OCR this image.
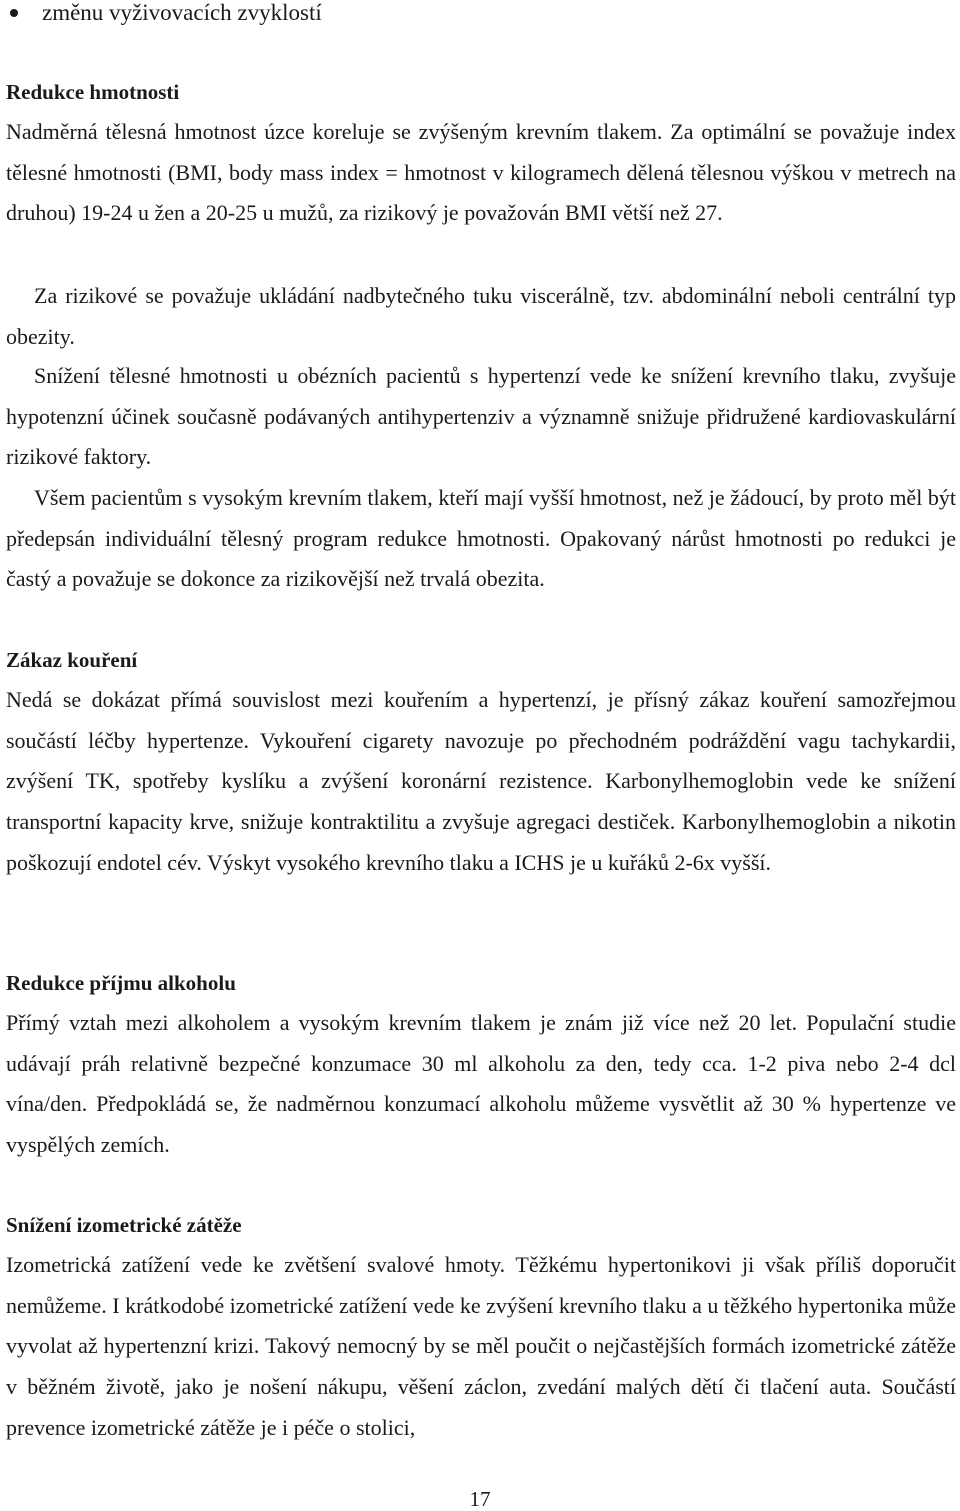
změnu vyživovacích zvyklostí
Redukce hmotnosti

Nadměrná tělesná hmotnost úzce koreluje se zvýšeným krevním tlakem. Za optimální se považuje index tělesné hmotnosti (BMI, body mass index = hmotnost v kilogramech dělená tělesnou výškou v metrech na druhou) 19-24 u žen a 20-25 u mužů, za rizikový je považován BMI větší než 27.

Za rizikové se považuje ukládání nadbytečného tuku viscerálně, tzv. abdominální neboli centrální typ obezity.

Snížení tělesné hmotnosti u obézních pacientů s hypertenzí vede ke snížení krevního tlaku, zvyšuje hypotenzní účinek současně podávaných antihypertenziv a významně snižuje přidružené kardiovaskulární rizikové faktory.

Všem pacientům s vysokým krevním tlakem, kteří mají vyšší hmotnost, než je žádoucí, by proto měl být předepsán individuální tělesný program redukce hmotnosti. Opakovaný nárůst hmotnosti po redukci je častý a považuje se dokonce za rizikovější než trvalá obezita.

Zákaz kouření

Nedá se dokázat přímá souvislost mezi kouřením a hypertenzí, je přísný zákaz kouření samozřejmou součástí léčby hypertenze. Vykouření cigarety navozuje po přechodném podráždění vagu tachykardii, zvýšení TK, spotřeby kyslíku a zvýšení koronární rezistence. Karbonylhemoglobin vede ke snížení transportní kapacity krve, snižuje kontraktilitu a zvyšuje agregaci destiček. Karbonylhemoglobin a nikotin poškozují endotel cév. Výskyt vysokého krevního tlaku a ICHS je u kuřáků 2-6x vyšší.

Redukce příjmu alkoholu

Přímý vztah mezi alkoholem a vysokým krevním tlakem je znám již více než 20 let. Populační studie udávají práh relativně bezpečné konzumace 30 ml alkoholu za den, tedy cca. 1-2 piva nebo 2-4 dcl vína/den. Předpokládá se, že nadměrnou konzumací alkoholu můžeme vysvětlit až 30 % hypertenze ve vyspělých zemích.

Snížení izometrické zátěže

Izometrická zatížení vede ke zvětšení svalové hmoty. Těžkému hypertonikovi ji však příliš doporučit nemůžeme. I krátkodobé izometrické zatížení vede ke zvýšení krevního tlaku a u těžkého hypertonika může vyvolat až hypertenzní krizi. Takový nemocný by se měl poučit o nejčastějších formách izometrické zátěže v běžném životě, jako je nošení nákupu, věšení záclon, zvedání malých dětí či tlačení auta. Součástí prevence izometrické zátěže je i péče o stolici,

17
